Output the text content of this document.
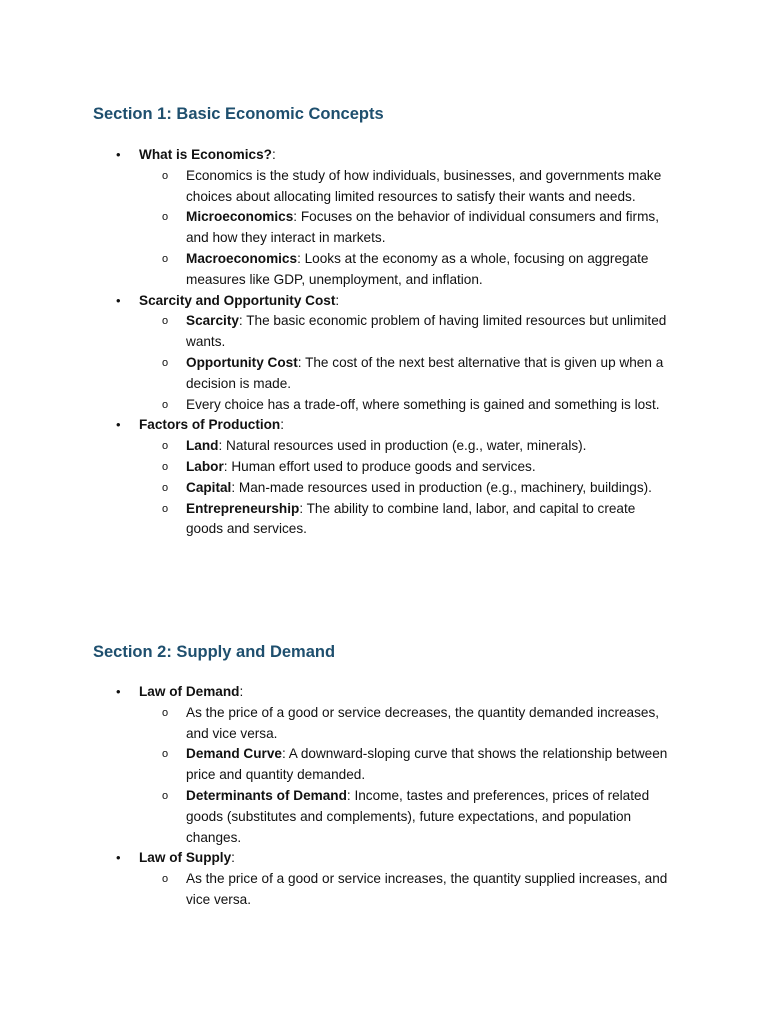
Section 1: Basic Economic Concepts
•	What is Economics?:
o Economics is the study of how individuals, businesses, and governments make choices about allocating limited resources to satisfy their wants and needs.
o Microeconomics: Focuses on the behavior of individual consumers and firms, and how they interact in markets.
o Macroeconomics: Looks at the economy as a whole, focusing on aggregate measures like GDP, unemployment, and inflation.
•	Scarcity and Opportunity Cost:
o Scarcity: The basic economic problem of having limited resources but unlimited wants.
o Opportunity Cost: The cost of the next best alternative that is given up when a decision is made.
o Every choice has a trade-off, where something is gained and something is lost.
•	Factors of Production:
o Land: Natural resources used in production (e.g., water, minerals).
o Labor: Human effort used to produce goods and services.
o Capital: Man-made resources used in production (e.g., machinery, buildings).
o Entrepreneurship: The ability to combine land, labor, and capital to create goods and services.
Section 2: Supply and Demand
•	Law of Demand:
o As the price of a good or service decreases, the quantity demanded increases, and vice versa.
o Demand Curve: A downward-sloping curve that shows the relationship between price and quantity demanded.
o Determinants of Demand: Income, tastes and preferences, prices of related goods (substitutes and complements), future expectations, and population changes.
•	Law of Supply:
o As the price of a good or service increases, the quantity supplied increases, and vice versa.
